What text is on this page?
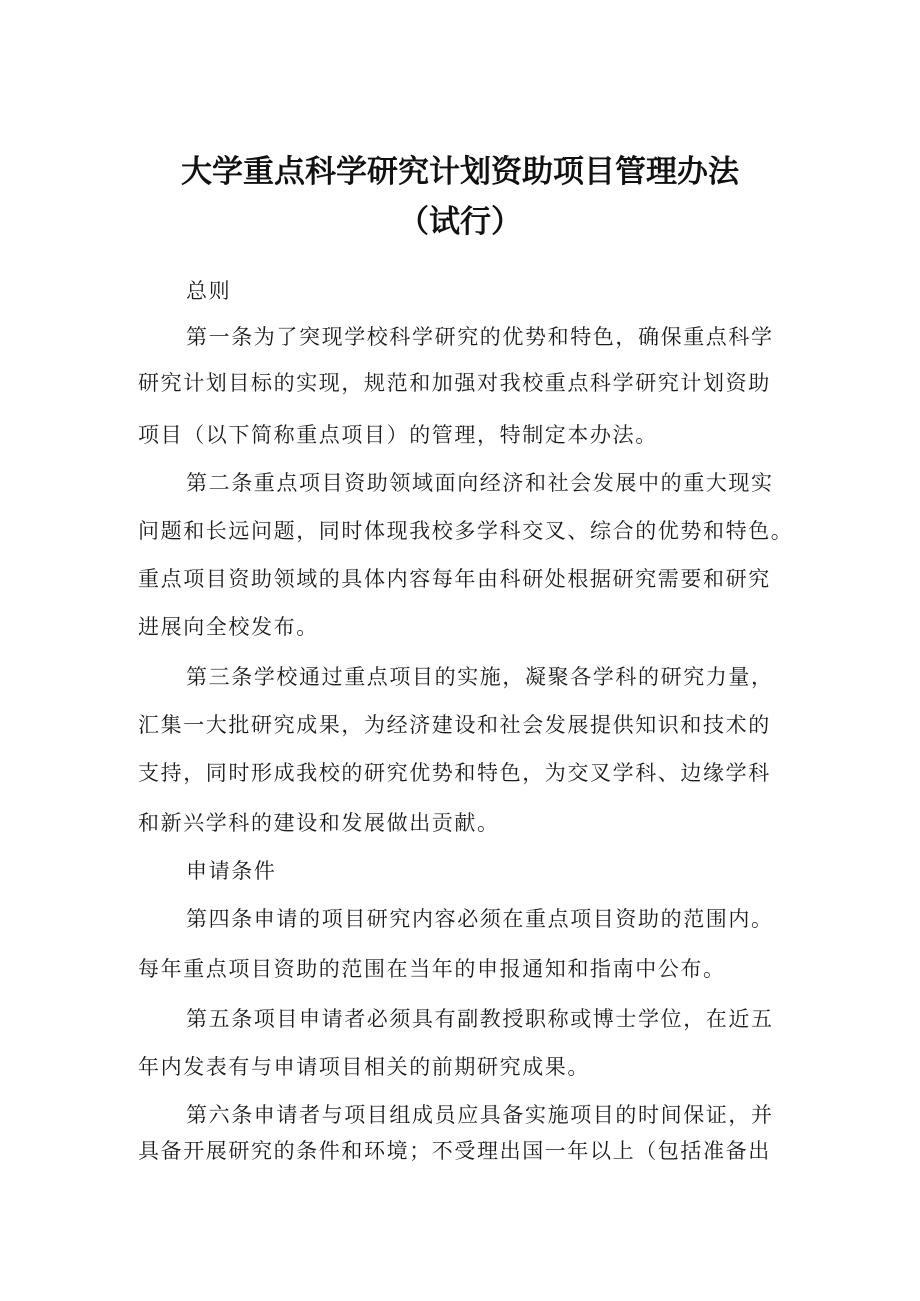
大学重点科学研究计划资助项目管理办法
（试行）

总则

第一条为了突现学校科学研究的优势和特色，确保重点科学

研究计划目标的实现，规范和加强对我校重点科学研究计划资助

项目（以下简称重点项目）的管理，特制定本办法。

第二条重点项目资助领域面向经济和社会发展中的重大现实

问题和长远问题，同时体现我校多学科交叉、综合的优势和特色。

重点项目资助领域的具体内容每年由科研处根据研究需要和研究

进展向全校发布。

第三条学校通过重点项目的实施，凝聚各学科的研究力量，

汇集一大批研究成果，为经济建设和社会发展提供知识和技术的

支持，同时形成我校的研究优势和特色，为交叉学科、边缘学科

和新兴学科的建设和发展做出贡献。

申请条件

第四条申请的项目研究内容必须在重点项目资助的范围内。

每年重点项目资助的范围在当年的申报通知和指南中公布。

第五条项目申请者必须具有副教授职称或博士学位，在近五

年内发表有与申请项目相关的前期研究成果。

第六条申请者与项目组成员应具备实施项目的时间保证，并

具备开展研究的条件和环境；不受理出国一年以上（包括准备出
